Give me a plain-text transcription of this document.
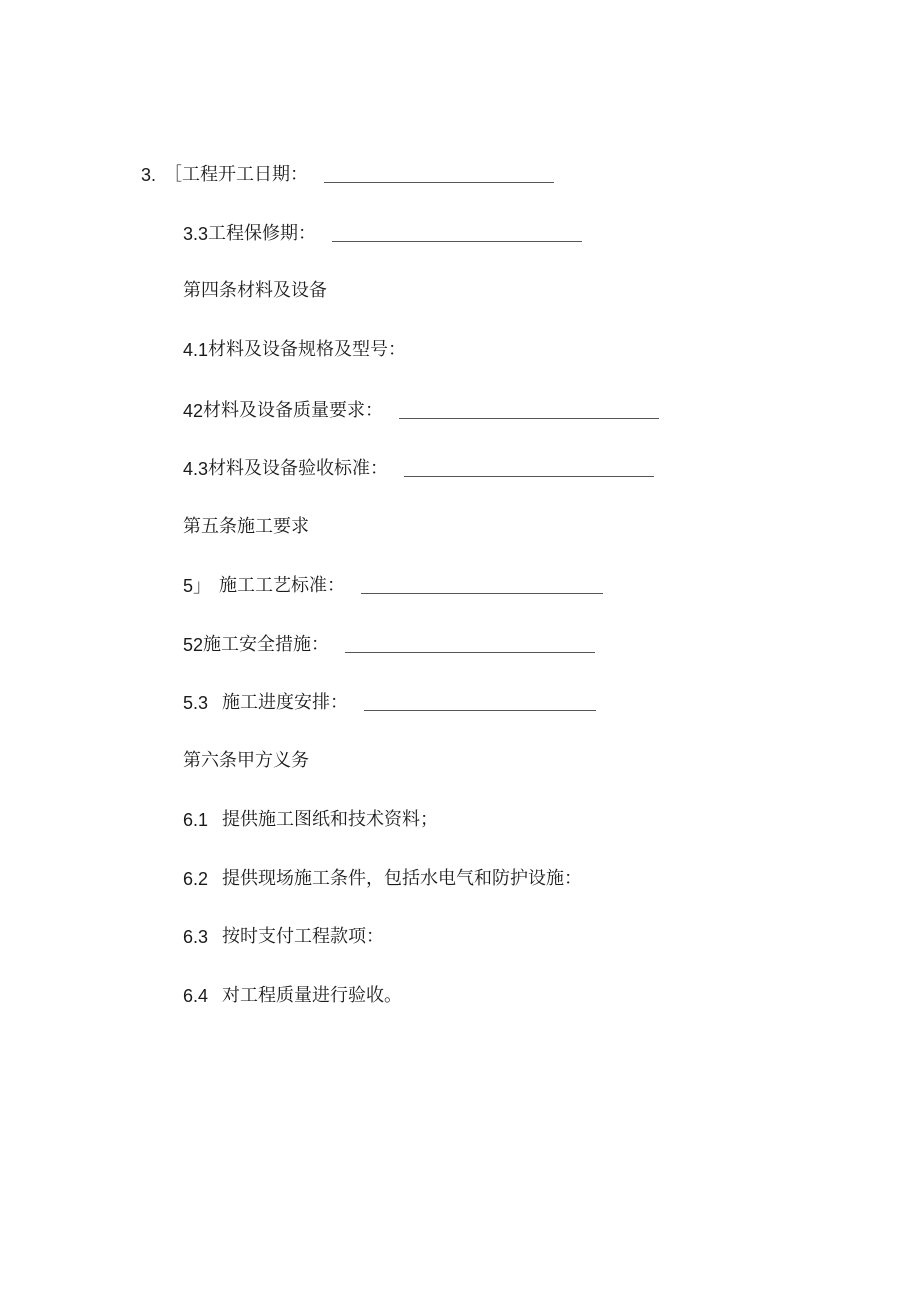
3. ［工程开工日期：
3.3 工程保修期：
第四条材料及设备
4.1 材料及设备规格及型号：
42 材料及设备质量要求：
4.3 材料及设备验收标准：
第五条施工要求
5」 施工工艺标准：
52 施工安全措施：
5.3 施工进度安排：
第六条甲方义务
6.1 提供施工图纸和技术资料；
6.2 提供现场施工条件，包括水电气和防护设施：
6.3 按时支付工程款项：
6.4 对工程质量进行验收。
